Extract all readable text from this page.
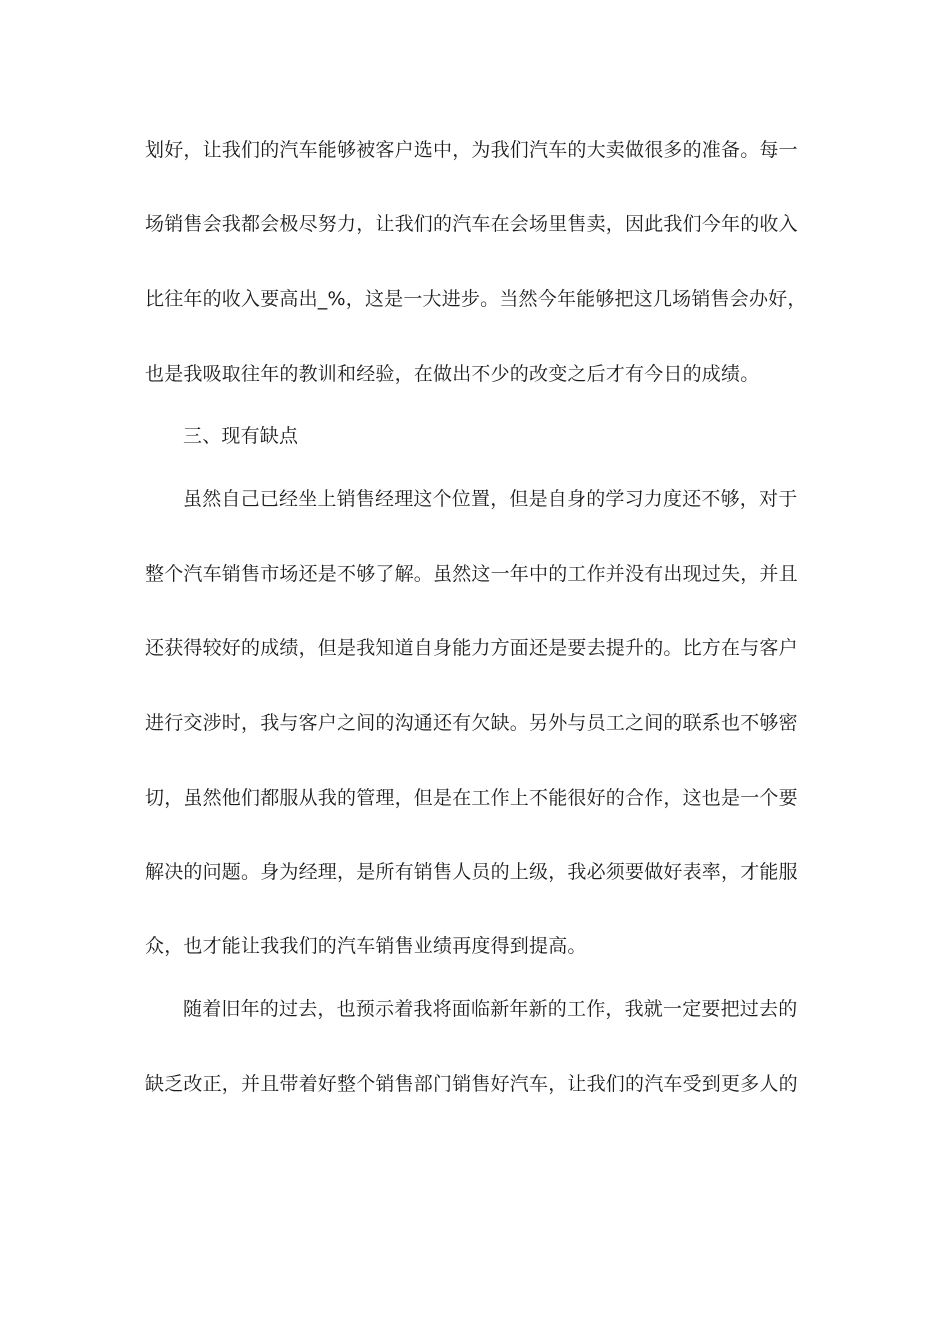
划好，让我们的汽车能够被客户选中，为我们汽车的大卖做很多的准备。每一
场销售会我都会极尽努力，让我们的汽车在会场里售卖，因此我们今年的收入
比往年的收入要高出_%，这是一大进步。当然今年能够把这几场销售会办好，
也是我吸取往年的教训和经验，在做出不少的改变之后才有今日的成绩。
三、现有缺点
虽然自己已经坐上销售经理这个位置，但是自身的学习力度还不够，对于
整个汽车销售市场还是不够了解。虽然这一年中的工作并没有出现过失，并且
还获得较好的成绩，但是我知道自身能力方面还是要去提升的。比方在与客户
进行交涉时，我与客户之间的沟通还有欠缺。另外与员工之间的联系也不够密
切，虽然他们都服从我的管理，但是在工作上不能很好的合作，这也是一个要
解决的问题。身为经理，是所有销售人员的上级，我必须要做好表率，才能服
众，也才能让我我们的汽车销售业绩再度得到提高。
随着旧年的过去，也预示着我将面临新年新的工作，我就一定要把过去的
缺乏改正，并且带着好整个销售部门销售好汽车，让我们的汽车受到更多人的
